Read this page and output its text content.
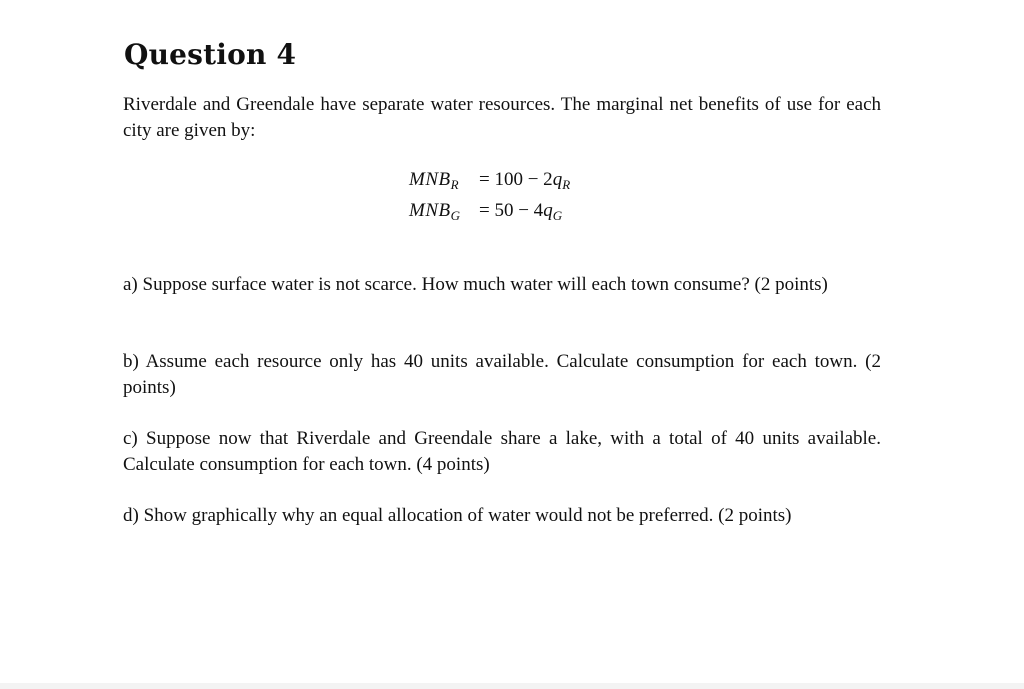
Question 4

Riverdale and Greendale have separate water resources. The marginal net benefits of use for each city are given by:

$MNB_R = 100 - 2q_R$
$MNB_G = 50 - 4q_G$

a) Suppose surface water is not scarce. How much water will each town consume? (2 points)

b) Assume each resource only has 40 units available. Calculate consumption for each town. (2 points)

c) Suppose now that Riverdale and Greendale share a lake, with a total of 40 units available. Calculate consumption for each town. (4 points)

d) Show graphically why an equal allocation of water would not be preferred. (2 points)
